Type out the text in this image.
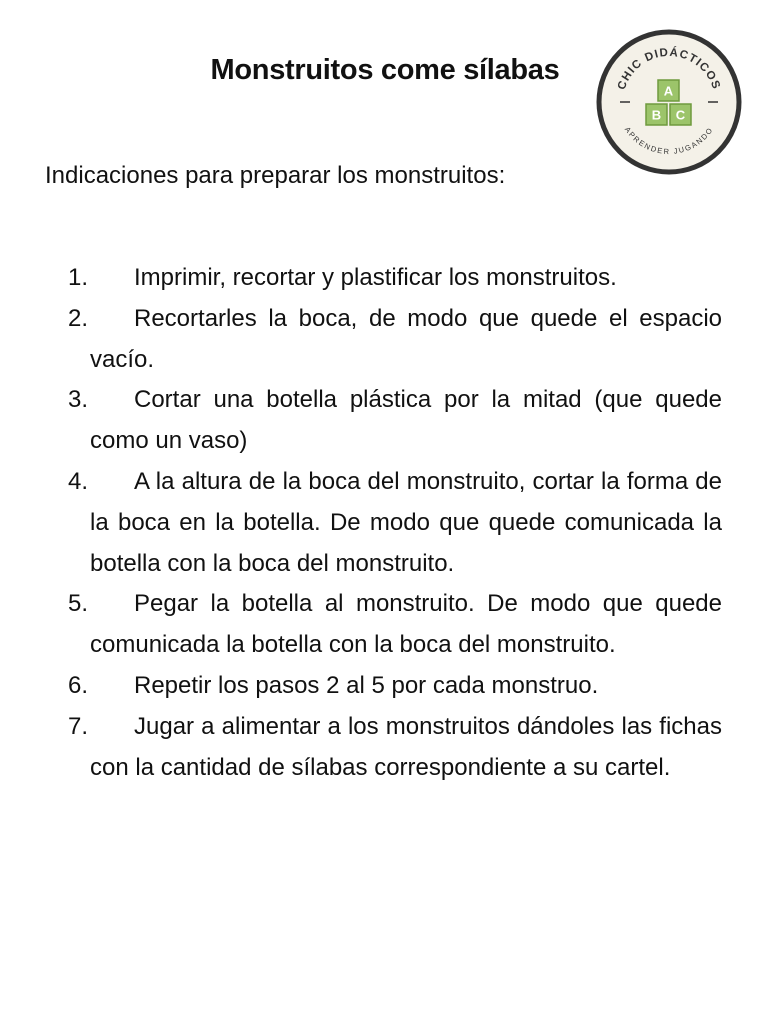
Monstruitos come sílabas	CHIC DIDÁCTICOS
APRENDER JUGANDO
A
B C
Indicaciones para preparar los monstruitos:
1. Imprimir, recortar y plastificar los monstruitos.
2. Recortarles la boca, de modo que quede el espacio vacío.
3. Cortar una botella plástica por la mitad (que quede como un vaso)
4. A la altura de la boca del monstruito, cortar la forma de la boca en la botella. De modo que quede comunicada la botella con la boca del monstruito.
5. Pegar la botella al monstruito. De modo que quede comunicada la botella con la boca del monstruito.
6. Repetir los pasos 2 al 5 por cada monstruo.
7. Jugar a alimentar a los monstruitos dándoles las fichas con la cantidad de sílabas correspondiente a su cartel.
